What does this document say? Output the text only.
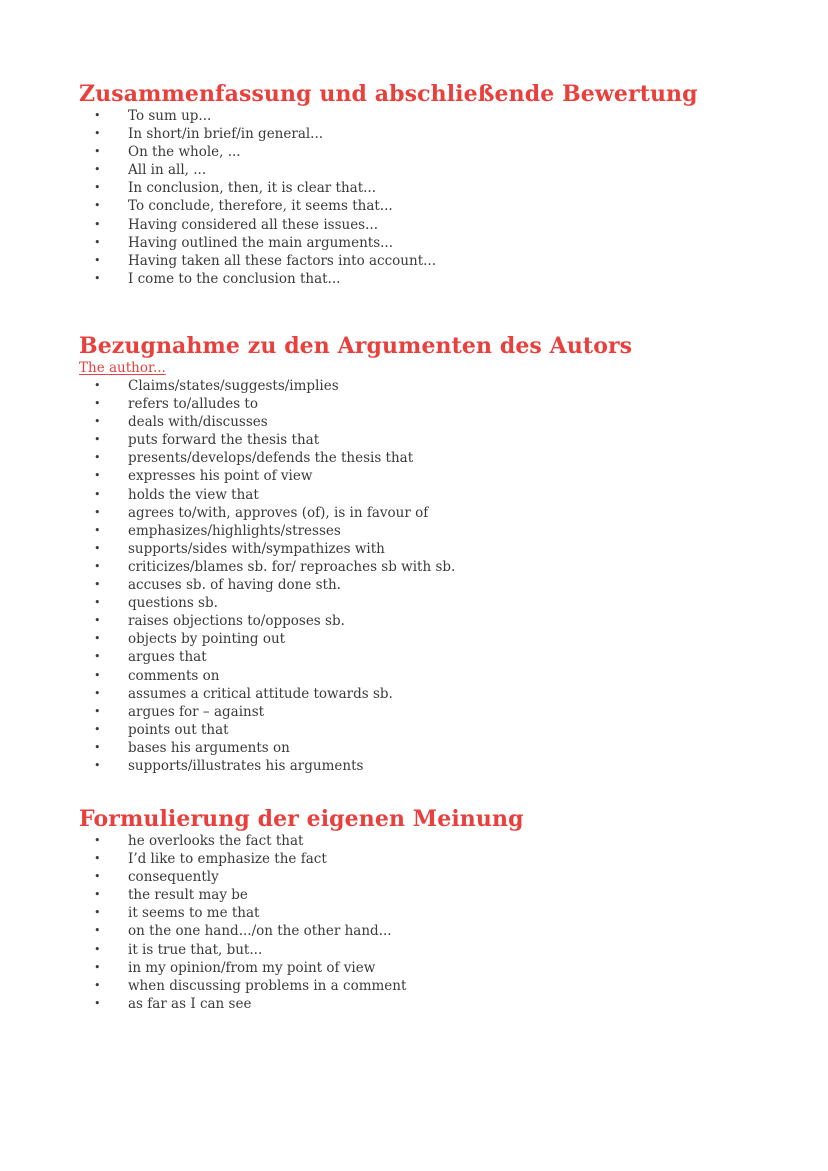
Zusammenfassung und abschließende Bewertung
• To sum up...
• In short/in brief/in general...
• On the whole, ...
• All in all, ...
• In conclusion, then, it is clear that...
• To conclude, therefore, it seems that...
• Having considered all these issues...
• Having outlined the main arguments...
• Having taken all these factors into account...
• I come to the conclusion that...
Bezugnahme zu den Argumenten des Autors

The author...

• Claims/states/suggests/implies
• refers to/alludes to
• deals with/discusses
• puts forward the thesis that
• presents/develops/defends the thesis that
• expresses his point of view
• holds the view that
• agrees to/with, approves (of), is in favour of
• emphasizes/highlights/stresses
• supports/sides with/sympathizes with
• criticizes/blames sb. for/ reproaches sb with sb.
• accuses sb. of having done sth.
• questions sb.
• raises objections to/opposes sb.
• objects by pointing out
• argues that
• comments on
• assumes a critical attitude towards sb.
• argues for – against
• points out that
• bases his arguments on
• supports/illustrates his arguments
Formulierung der eigenen Meinung
• he overlooks the fact that
• I’d like to emphasize the fact
• consequently
• the result may be
• it seems to me that
• on the one hand.../on the other hand...
• it is true that, but...
• in my opinion/from my point of view
• when discussing problems in a comment
• as far as I can see
